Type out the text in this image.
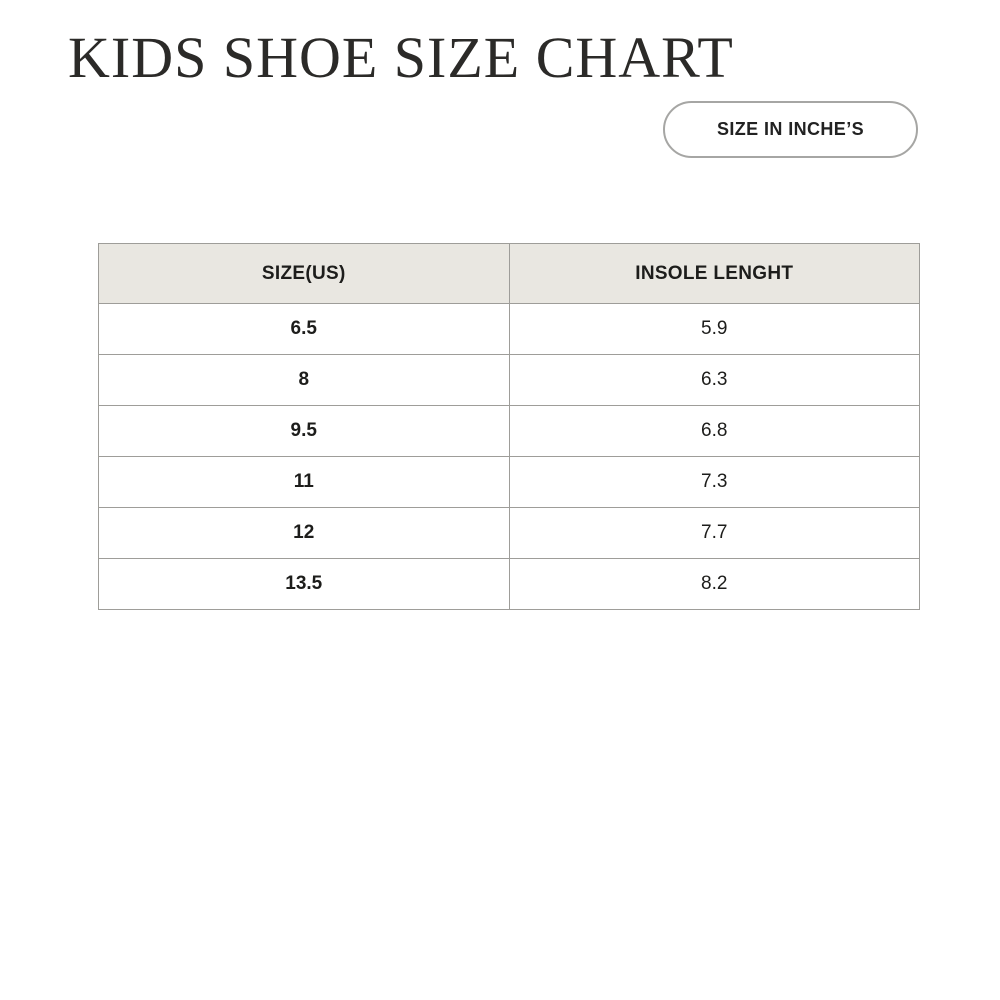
KIDS SHOE SIZE CHART
SIZE IN INCHE’S
SIZE(US)	INSOLE LENGHT
6.5	5.9
8	6.3
9.5	6.8
11	7.3
12	7.7
13.5	8.2
